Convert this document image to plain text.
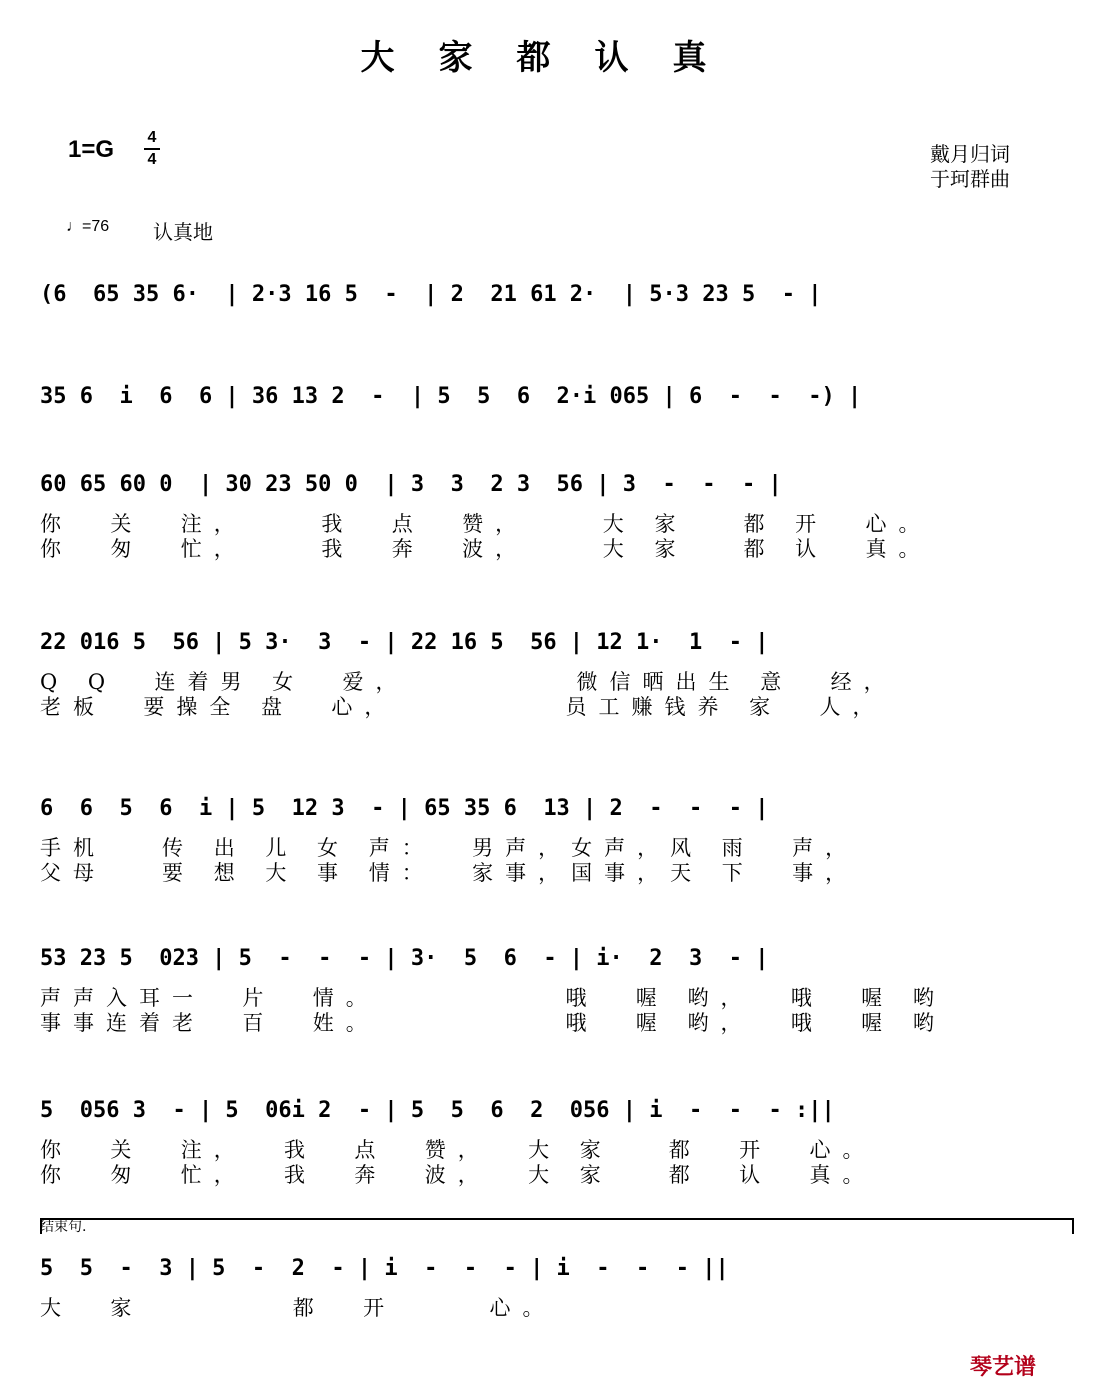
大家都认真
1=G 4
4	戴月归词
于珂群曲
♩=76 认真地
(6  65 35 6·  | 2·3 16 5  -  | 2  21 61 2·  | 5·3 23 5  - |
35 6  i  6  6 | 36 13 2  -  | 5  5  6  2·i 065 | 6  -  -  -) |
60 65 60 0  | 30 23 50 0  | 3  3  2 3  56 | 3  -  -  - |
你  关  注，    我  点  赞，    大 家   都 开  心。
你  匆  忙，    我  奔  波，    大 家   都 认  真。
22 016 5  56 | 5 3·  3  - | 22 16 5  56 | 12 1·  1  - |
Q Q  连着男 女  爱，         微信晒出生 意  经，
老板  要操全 盘  心，         员工赚钱养 家  人，
6  6  5  6  i | 5  12 3  - | 65 35 6  13 | 2  -  -  - |
手机   传 出 儿 女 声：  男声，女声，风 雨  声，
父母   要 想 大 事 情：  家事，国事，天 下  事，
53 23 5  023 | 5  -  -  - | 3·  5  6  - | i·  2  3  - |
声声入耳一  片  情。          哦  喔 哟，  哦  喔 哟
事事连着老  百  姓。          哦  喔 哟，  哦  喔 哟
5  056 3  - | 5  06i 2  - | 5  5  6  2  056 | i  -  -  - :||
你  关  注，  我  点  赞，  大 家   都  开  心。
你  匆  忙，  我  奔  波，  大 家   都  认  真。
结束句.
5  5  -  3 | 5  -  2  - | i  -  -  - | i  -  -  - ||
大  家        都  开     心。
琴艺谱
